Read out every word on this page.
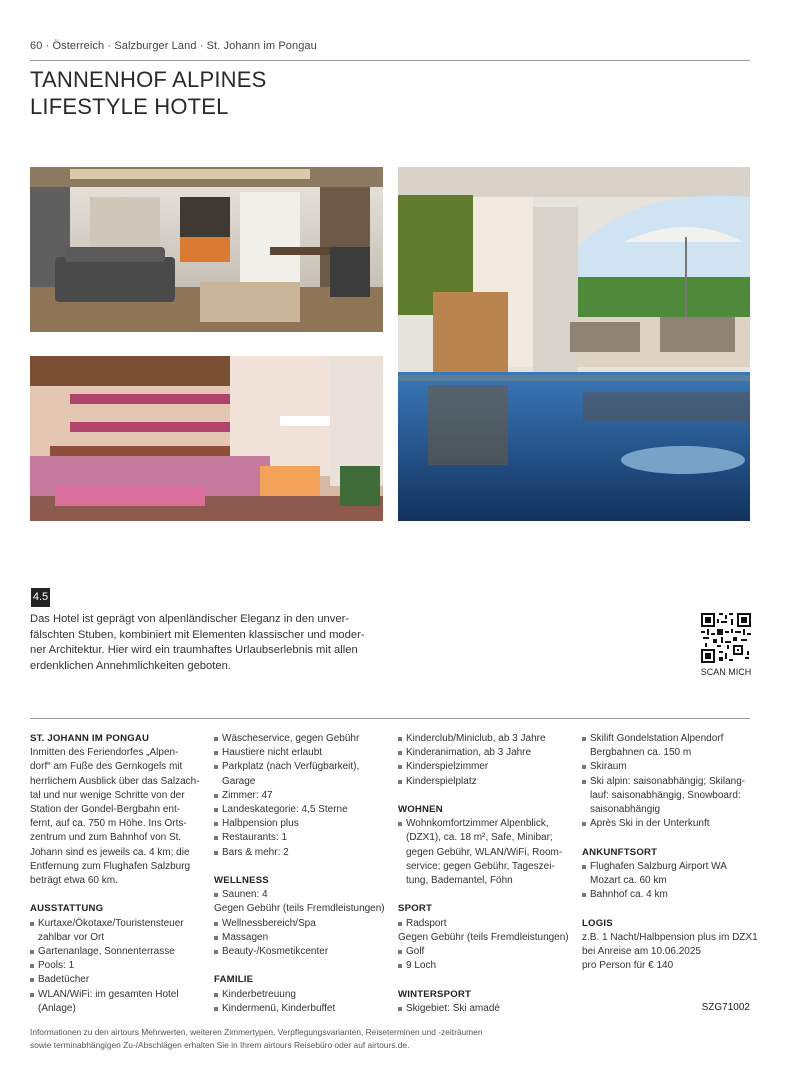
60 · Österreich · Salzburger Land · St. Johann im Pongau
TANNENHOF ALPINES
LIFESTYLE HOTEL
4.5
Das Hotel ist geprägt von alpenländischer Eleganz in den unver-
fälschten Stuben, kombiniert mit Elementen klassischer und moder-
ner Architektur. Hier wird ein traumhaftes Urlaubserlebnis mit allen
erdenklichen Annehmlichkeiten geboten.
SCAN MICH
ST. JOHANN IM PONGAU
Inmitten des Feriendorfes „Alpen-
dorf“ am Fuße des Gernkogels mit
herrlichem Ausblick über das Salzach-
tal und nur wenige Schritte von der
Station der Gondel-Bergbahn ent-
fernt, auf ca. 750 m Höhe. Ins Orts-
zentrum und zum Bahnhof von St.
Johann sind es jeweils ca. 4 km; die
Entfernung zum Flughafen Salzburg
beträgt etwa 60 km.
AUSSTATTUNG
Kurtaxe/Ökotaxe/Touristensteuer
zahlbar vor Ort
Gartenanlage, Sonnenterrasse
Pools: 1
Badetücher
WLAN/WiFi: im gesamten Hotel
(Anlage)
Wäscheservice, gegen Gebühr
Haustiere nicht erlaubt
Parkplatz (nach Verfügbarkeit),
Garage
Zimmer: 47
Landeskategorie: 4,5 Sterne
Halbpension plus
Restaurants: 1
Bars & mehr: 2
WELLNESS
Saunen: 4
Gegen Gebühr (teils Fremdleistungen)
Wellnessbereich/Spa
Massagen
Beauty-/Kosmetikcenter
FAMILIE
Kinderbetreuung
Kindermenü, Kinderbuffet
Kinderclub/Miniclub, ab 3 Jahre
Kinderanimation, ab 3 Jahre
Kinderspielzimmer
Kinderspielplatz
WOHNEN
Wohnkomfortzimmer Alpenblick,
(DZX1), ca. 18 m², Safe, Minibar;
gegen Gebühr, WLAN/WiFi, Room-
service; gegen Gebühr, Tageszei-
tung, Bademantel, Föhn
SPORT
Radsport
Gegen Gebühr (teils Fremdleistungen)
Golf
9 Loch
WINTERSPORT
Skigebiet: Ski amadé
Skilift Gondelstation Alpendorf
Bergbahnen ca. 150 m
Skiraum
Ski alpin: saisonabhängig; Skilang-
lauf: saisonabhängig, Snowboard:
saisonabhängig
Après Ski in der Unterkunft
ANKUNFTSORT
Flughafen Salzburg Airport WA
Mozart ca. 60 km
Bahnhof ca. 4 km
LOGIS
z.B. 1 Nacht/Halbpension plus im DZX1
bei Anreise am 10.06.2025
pro Person für € 140
SZG71002
Informationen zu den airtours Mehrwerten, weiteren Zimmertypen, Verpflegungsvarianten, Reiseterminen und -zeiträumen
sowie terminabhängigen Zu-/Abschlägen erhalten Sie in Ihrem airtours Reisebüro oder auf airtours.de.
